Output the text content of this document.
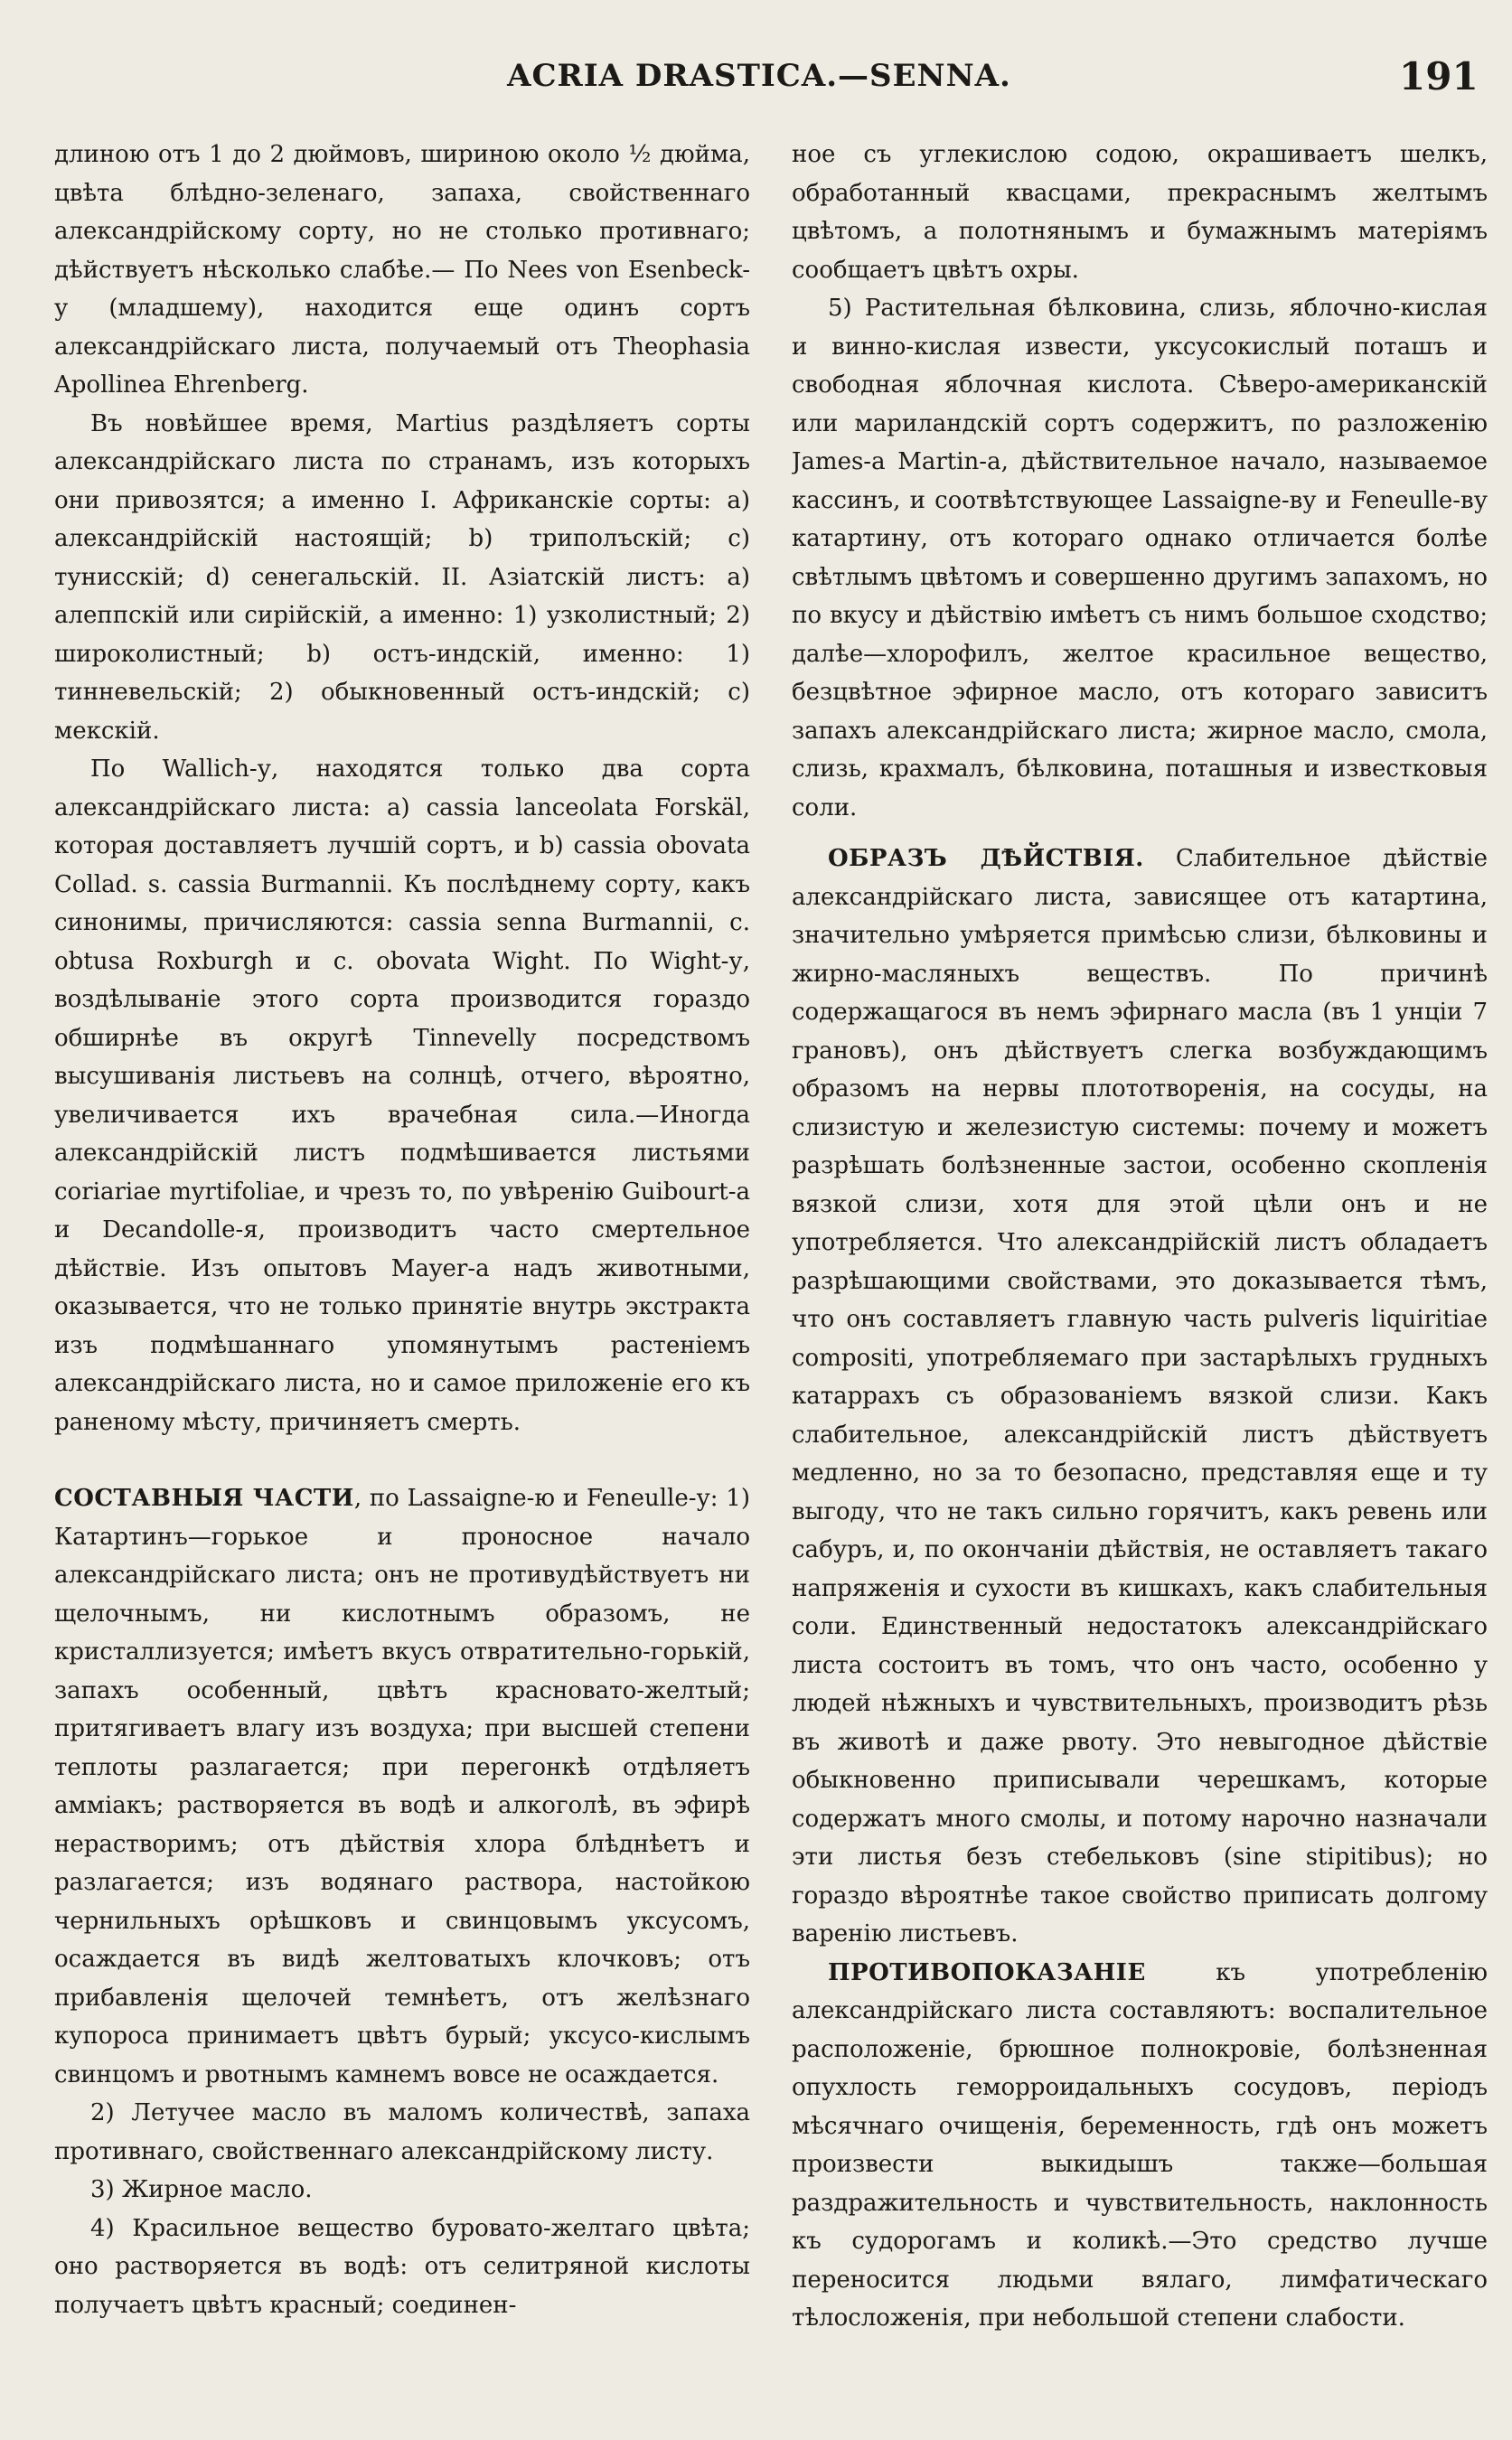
ACRIA DRASTICA.—SENNA.	191

длиною отъ 1 до 2 дюймовъ, шириною около ½ дюйма, цвѣта блѣдно-зеленаго, запаха, свойственнаго александрійскому сорту, но не столько противнаго; дѣйствуетъ нѣсколько слабѣе.— По Nees von Esenbeck-у (младшему), находится еще одинъ сортъ александрійскаго листа, получаемый отъ Theophasia Apollinea Ehrenberg.

Въ новѣйшее время, Martius раздѣляетъ сорты александрійскаго листа по странамъ, изъ которыхъ они привозятся; а именно I. Африканскіе сорты: a) александрійскій настоящій; b) триполъскій; c) тунисскій; d) сенегальскій. II. Азіатскій листъ: a) алеппскій или сирійскій, а именно: 1) узколистный; 2) широколистный; b) остъ-индскій, именно: 1) тинневельскій; 2) обыкновенный остъ-индскій; c) мекскій.

По Wallich-у, находятся только два сорта александрійскаго листа: a) cassia lanceolata Forskäl, которая доставляетъ лучшій сортъ, и b) cassia obovata Collad. s. cassia Burmannii. Къ послѣднему сорту, какъ синонимы, причисляются: cassia senna Burmannii, c. obtusa Roxburgh и c. obovata Wight. По Wight-у, воздѣлываніе этого сорта производится гораздо обширнѣе въ округѣ Tinnevelly посредствомъ высушиванія листьевъ на солнцѣ, отчего, вѣроятно, увеличивается ихъ врачебная сила.—Иногда александрійскій листъ подмѣшивается листьями coriariae myrtifoliae, и чрезъ то, по увѣренію Guibourt-а и Decandolle-я, производитъ часто смертельное дѣйствіе. Изъ опытовъ Mayer-а надъ животными, оказывается, что не только принятіе внутрь экстракта изъ подмѣшаннаго упомянутымъ растеніемъ александрійскаго листа, но и самое приложеніе его къ раненому мѣсту, причиняетъ смерть.

СОСТАВНЫЯ ЧАСТИ, по Lassaigne-ю и Fenеulle-у: 1) Катартинъ—горькое и проносное начало александрійскаго листа; онъ не противудѣйствуетъ ни щелочнымъ, ни кислотнымъ образомъ, не кристаллизуется; имѣетъ вкусъ отвратительно-горькій, запахъ особенный, цвѣтъ красновато-желтый; притягиваетъ влагу изъ воздуха; при высшей степени теплоты разлагается; при перегонкѣ отдѣляетъ амміакъ; растворяется въ водѣ и алкоголѣ, въ эфирѣ нерастворимъ; отъ дѣйствія хлора блѣднѣетъ и разлагается; изъ водянаго раствора, настойкою чернильныхъ орѣшковъ и свинцовымъ уксусомъ, осаждается въ видѣ желтоватыхъ клочковъ; отъ прибавленія щелочей темнѣетъ, отъ желѣзнаго купороса принимаетъ цвѣтъ бурый; уксусо-кислымъ свинцомъ и рвотнымъ камнемъ вовсе не осаждается.

2) Летучее масло въ маломъ количествѣ, запаха противнаго, свойственнаго александрійскому листу.

3) Жирное масло.

4) Красильное вещество буровато-желтаго цвѣта; оно растворяется въ водѣ: отъ селитряной кислоты получаетъ цвѣтъ красный; соединен-

ное съ углекислою содою, окрашиваетъ шелкъ, обработанный квасцами, прекраснымъ желтымъ цвѣтомъ, а полотнянымъ и бумажнымъ матеріямъ сообщаетъ цвѣтъ охры.

5) Растительная бѣлковина, слизь, яблочно-кислая и винно-кислая извести, уксусокислый поташъ и свободная яблочная кислота. Сѣверо-американскій или мариландскій сортъ содержитъ, по разложенію James-а Martin-а, дѣйствительное начало, называемое кассинъ, и соотвѣтствующее Lassaigne-ву и Fenеulle-ву катартину, отъ котораго однако отличается болѣе свѣтлымъ цвѣтомъ и совершенно другимъ запахомъ, но по вкусу и дѣйствію имѣетъ съ нимъ большое сходство; далѣе—хлорофилъ, желтое красильное вещество, безцвѣтное эфирное масло, отъ котораго зависитъ запахъ александрійскаго листа; жирное масло, смола, слизь, крахмалъ, бѣлковина, поташныя и известковыя соли.

ОБРАЗЪ ДѢЙСТВІЯ. Слабительное дѣйствіе александрійскаго листа, зависящее отъ катартина, значительно умѣряется примѣсью слизи, бѣлковины и жирно-масляныхъ веществъ. По причинѣ содержащагося въ немъ эфирнаго масла (въ 1 унціи 7 грановъ), онъ дѣйствуетъ слегка возбуждающимъ образомъ на нервы плототворенія, на сосуды, на слизистую и железистую системы: почему и можетъ разрѣшать болѣзненные застои, особенно скопленія вязкой слизи, хотя для этой цѣли онъ и не употребляется. Что александрійскій листъ обладаетъ разрѣшающими свойствами, это доказывается тѣмъ, что онъ составляетъ главную часть pulveris liquiritiae compositi, употребляемаго при застарѣлыхъ грудныхъ катаррахъ съ образованіемъ вязкой слизи. Какъ слабительное, александрійскій листъ дѣйствуетъ медленно, но за то безопасно, представляя еще и ту выгоду, что не такъ сильно горячитъ, какъ ревень или сабуръ, и, по окончаніи дѣйствія, не оставляетъ такаго напряженія и сухости въ кишкахъ, какъ слабительныя соли. Единственный недостатокъ александрійскаго листа состоитъ въ томъ, что онъ часто, особенно у людей нѣжныхъ и чувствительныхъ, производитъ рѣзь въ животѣ и даже рвоту. Это невыгодное дѣйствіе обыкновенно приписывали черешкамъ, которые содержатъ много смолы, и потому нарочно назначали эти листья безъ стебельковъ (sine stipitibus); но гораздо вѣроятнѣе такое свойство приписать долгому варенію листьевъ.

ПРОТИВОПОКАЗАНІЕ къ употребленію александрійскаго листа составляютъ: воспалительное расположеніе, брюшное полнокровіе, болѣзненная опухлость геморроидальныхъ сосудовъ, періодъ мѣсячнаго очищенія, беременность, гдѣ онъ можетъ произвести выкидышъ также—большая раздражительность и чувствительность, наклонность къ судорогамъ и коликѣ.—Это средство лучше переносится людьми вялаго, лимфатическаго тѣлосложенія, при небольшой степени слабости.
